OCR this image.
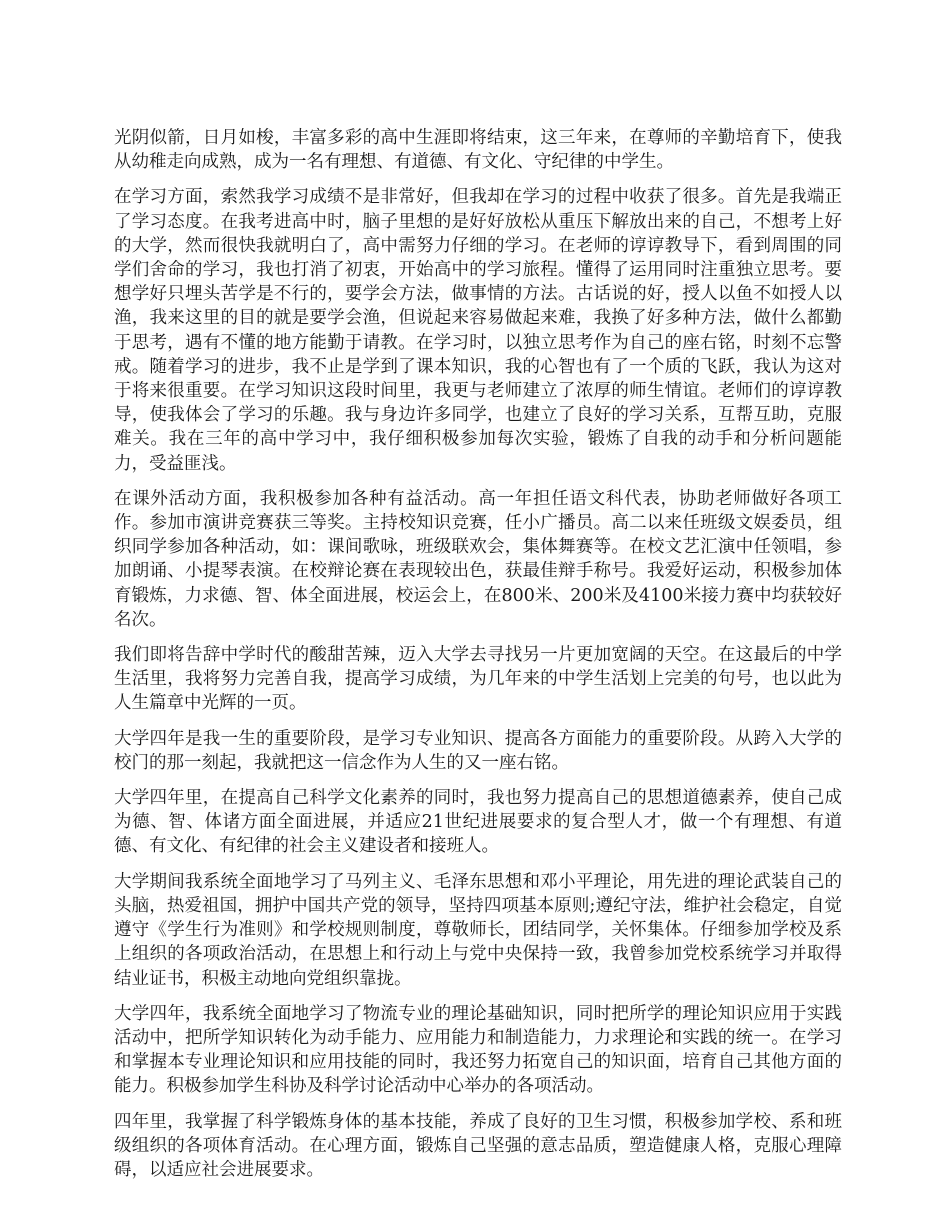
光阴似箭，日月如梭，丰富多彩的高中生涯即将结束，这三年来，在尊师的辛勤培育下，使我从幼稚走向成熟，成为一名有理想、有道德、有文化、守纪律的中学生。

在学习方面，索然我学习成绩不是非常好，但我却在学习的过程中收获了很多。首先是我端正了学习态度。在我考进高中时，脑子里想的是好好放松从重压下解放出来的自己，不想考上好的大学，然而很快我就明白了，高中需努力仔细的学习。在老师的谆谆教导下，看到周围的同学们舍命的学习，我也打消了初衷，开始高中的学习旅程。懂得了运用同时注重独立思考。要想学好只埋头苦学是不行的，要学会方法，做事情的方法。古话说的好，授人以鱼不如授人以渔，我来这里的目的就是要学会渔，但说起来容易做起来难，我换了好多种方法，做什么都勤于思考，遇有不懂的地方能勤于请教。在学习时，以独立思考作为自己的座右铭，时刻不忘警戒。随着学习的进步，我不止是学到了课本知识，我的心智也有了一个质的飞跃，我认为这对于将来很重要。在学习知识这段时间里，我更与老师建立了浓厚的师生情谊。老师们的谆谆教导，使我体会了学习的乐趣。我与身边许多同学，也建立了良好的学习关系，互帮互助，克服难关。我在三年的高中学习中，我仔细积极参加每次实验，锻炼了自我的动手和分析问题能力，受益匪浅。

在课外活动方面，我积极参加各种有益活动。高一年担任语文科代表，协助老师做好各项工作。参加市演讲竞赛获三等奖。主持校知识竞赛，任小广播员。高二以来任班级文娱委员，组织同学参加各种活动，如：课间歌咏，班级联欢会，集体舞赛等。在校文艺汇演中任领唱，参加朗诵、小提琴表演。在校辩论赛在表现较出色，获最佳辩手称号。我爱好运动，积极参加体育锻炼，力求德、智、体全面进展，校运会上，在800米、200米及4100米接力赛中均获较好名次。

我们即将告辞中学时代的酸甜苦辣，迈入大学去寻找另一片更加宽阔的天空。在这最后的中学生活里，我将努力完善自我，提高学习成绩，为几年来的中学生活划上完美的句号，也以此为人生篇章中光辉的一页。

大学四年是我一生的重要阶段，是学习专业知识、提高各方面能力的重要阶段。从跨入大学的校门的那一刻起，我就把这一信念作为人生的又一座右铭。

大学四年里，在提高自己科学文化素养的同时，我也努力提高自己的思想道德素养，使自己成为德、智、体诸方面全面进展，并适应21世纪进展要求的复合型人才，做一个有理想、有道德、有文化、有纪律的社会主义建设者和接班人。

大学期间我系统全面地学习了马列主义、毛泽东思想和邓小平理论，用先进的理论武装自己的头脑，热爱祖国，拥护中国共产党的领导，坚持四项基本原则;遵纪守法，维护社会稳定，自觉遵守《学生行为准则》和学校规则制度，尊敬师长，团结同学，关怀集体。仔细参加学校及系上组织的各项政治活动，在思想上和行动上与党中央保持一致，我曾参加党校系统学习并取得结业证书，积极主动地向党组织靠拢。

大学四年，我系统全面地学习了物流专业的理论基础知识，同时把所学的理论知识应用于实践活动中，把所学知识转化为动手能力、应用能力和制造能力，力求理论和实践的统一。在学习和掌握本专业理论知识和应用技能的同时，我还努力拓宽自己的知识面，培育自己其他方面的能力。积极参加学生科协及科学讨论活动中心举办的各项活动。

四年里，我掌握了科学锻炼身体的基本技能，养成了良好的卫生习惯，积极参加学校、系和班级组织的各项体育活动。在心理方面，锻炼自己坚强的意志品质，塑造健康人格，克服心理障碍，以适应社会进展要求。
